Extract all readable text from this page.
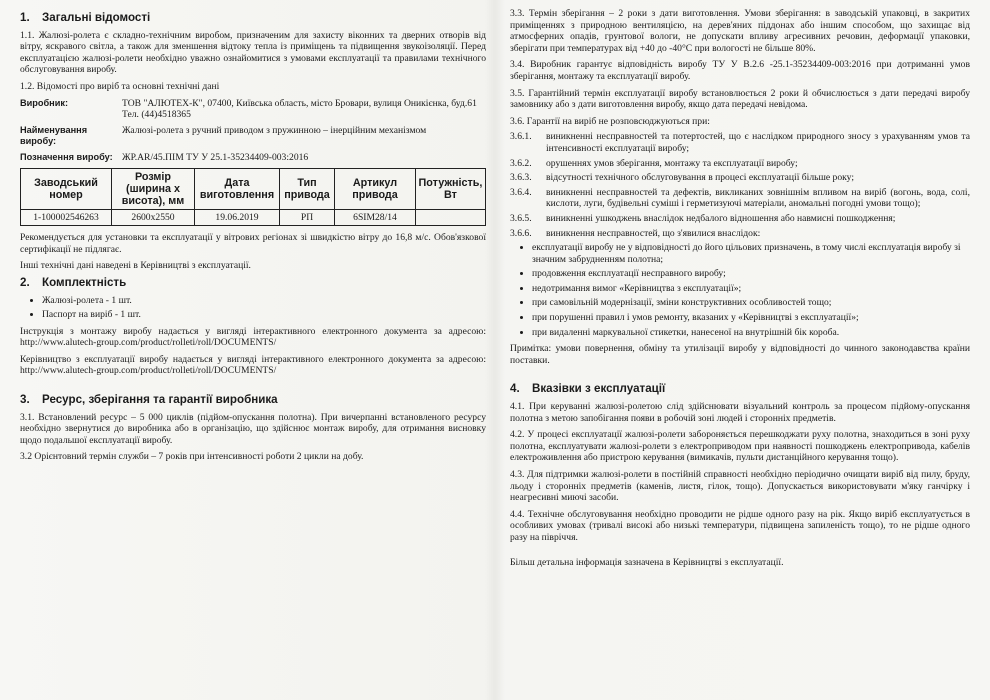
1. Загальні відомості

1.1. Жалюзі-ролета є складно-технічним виробом, призначеним для захисту віконних та дверних отворів від вітру, яскравого світла, а також для зменшення відтоку тепла із приміщень та підвищення звукоізоляції. Перед експлуатацією жалюзі-ролети необхідно уважно ознайомитися з умовами експлуатації та правилами технічного обслуговування виробу.

1.2. Відомості про виріб та основні технічні дані

Виробник:	ТОВ "АЛЮТЕХ-К", 07400, Київська область, місто Бровари, вулиця Оникієнка, буд.61
Тел. (44)4518365
Найменування виробу:
Жалюзі-ролета з ручний приводом з пружинною – інерційним механізмом
Позначення виробу: ЖР.AR/45.ПІМ ТУ У 25.1-35234409-003:2016
Заводський номер	Розмір (ширина х висота), мм	Дата виготовлення	Тип привода	Артикул привода	Потужність, Вт
1-100002546263	2600х2550	19.06.2019	РП	6SIM28/14	

Рекомендується для установки та експлуатації у вітрових регіонах зі швидкістю вітру до 16,8 м/с. Обов'язкової сертифікації не підлягає.

Інші технічні дані наведені в Керівництві з експлуатації.

2. Комплектність
• Жалюзі-ролета - 1 шт.
• Паспорт на виріб - 1 шт.

Інструкція з монтажу виробу надається у вигляді інтерактивного електронного документа за адресою: http://www.alutech-group.com/product/rolleti/roll/DOCUMENTS/

Керівництво з експлуатації виробу надається у вигляді інтерактивного електронного документа за адресою: http://www.alutech-group.com/product/rolleti/roll/DOCUMENTS/

3. Ресурс, зберігання та гарантії виробника

3.1. Встановлений ресурс – 5 000 циклів (підйом-опускання полотна). При вичерпанні встановленого ресурсу необхідно звернутися до виробника або в організацію, що здійснює монтаж виробу, для отримання висновку щодо подальшої експлуатації виробу.

3.2 Орієнтовний термін служби – 7 років при інтенсивності роботи 2 цикли на добу.

3.3. Термін зберігання – 2 роки з дати виготовлення. Умови зберігання: в заводській упаковці, в закритих приміщеннях з природною вентиляцією, на дерев'яних піддонах або іншим способом, що захищає від атмосферних опадів, грунтової вологи, не допускати впливу агресивних речовин, деформації упаковки, зберігати при температурах від +40 до -40°С при вологості не більше 80%.

3.4. Виробник гарантує відповідність виробу ТУ У В.2.6 -25.1-35234409-003:2016 при дотриманні умов зберігання, монтажу та експлуатації виробу.

3.5. Гарантійний термін експлуатації виробу встановлюється 2 роки й обчислюється з дати передачі виробу замовнику або з дати виготовлення виробу, якщо дата передачі невідома.

3.6. Гарантії на виріб не розповсюджуються при:

3.6.1.	виникненні несправностей та потертостей, що є наслідком природного зносу з урахуванням умов та інтенсивності експлуатації виробу;
3.6.2.	орушеннях умов зберігання, монтажу та експлуатації виробу;
3.6.3.	відсутності технічного обслуговування в процесі експлуатації більше року;
3.6.4.	виникненні несправностей та дефектів, викликаних зовнішнім впливом на виріб (вогонь, вода, солі, кислоти, луги, будівельні суміші і герметизуючі матеріали, аномальні погодні умови тощо);
3.6.5.	виникненні ушкоджень внаслідок недбалого відношення або навмисні пошкодження;
3.6.6.	виникнення несправностей, що з'явилися внаслідок:
• експлуатації виробу не у відповідності до його цільових призначень, в тому числі експлуатація виробу зі значним забрудненням полотна;
• продовження експлуатації несправного виробу;
• недотримання вимог «Керівництва з експлуатації»;
• при самовільній модернізації, зміни конструктивних особливостей тощо;
• при порушенні правил і умов ремонту, вказаних у «Керівництві з експлуатації»;
• при видаленні маркувальної стикетки, нанесеної на внутрішній бік короба.

Примітка: умови повернення, обміну та утилізації виробу у відповідності до чинного законодавства країни поставки.

4. Вказівки з експлуатації

4.1. При керуванні жалюзі-ролетою слід здійснювати візуальний контроль за процесом підйому-опускання полотна з метою запобігання появи в робочій зоні людей і сторонніх предметів.

4.2. У процесі експлуатації жалюзі-ролети забороняється перешкоджати руху полотна, знаходиться в зоні руху полотна, експлуатувати жалюзі-ролети з електроприводом при наявності пошкоджень електропривода, кабелів електроживлення або пристрою керування (вимикачів, пульти дистанційного керування тощо).

4.3. Для підтримки жалюзі-ролети в постійній справності необхідно періодично очищати виріб від пилу, бруду, льоду і сторонніх предметів (каменів, листя, гілок, тощо). Допускається використовувати м'яку ганчірку і неагресивні миючі засоби.

4.4. Технічне обслуговування необхідно проводити не рідше одного разу на рік. Якщо виріб експлуатується в особливих умовах (тривалі високі або низькі температури, підвищена запиленість тощо), то не рідше одного разу на півріччя.

Більш детальна інформація зазначена в Керівництві з експлуатації.
